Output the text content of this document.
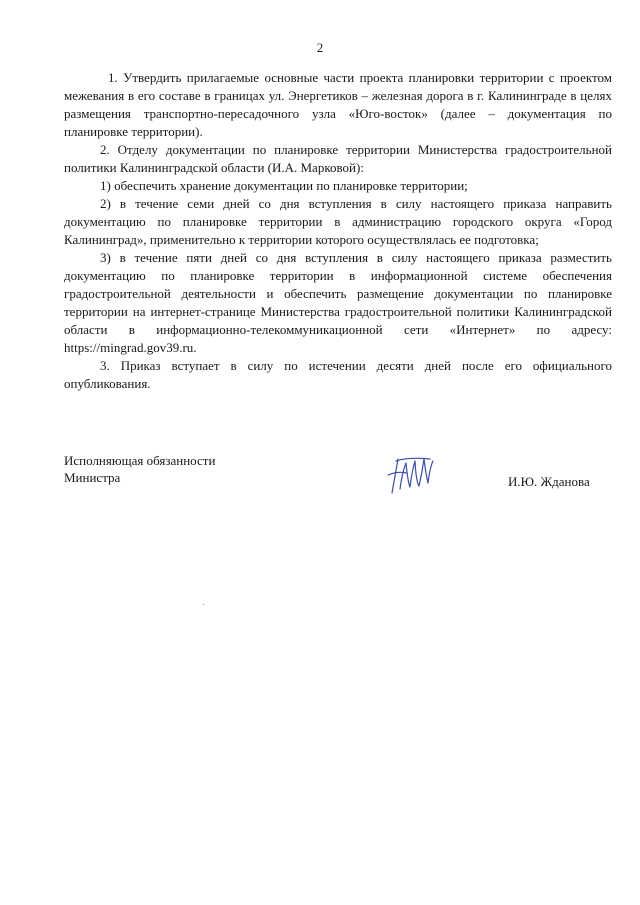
2

1. Утвердить прилагаемые основные части проекта планировки территории с проектом межевания в его составе в границах ул. Энергетиков – железная дорога в г. Калининграде в целях размещения транспортно-пересадочного узла «Юго-восток» (далее – документация по планировке территории).

2. Отделу документации по планировке территории Министерства градостроительной политики Калининградской области (И.А. Марковой):

1) обеспечить хранение документации по планировке территории;

2) в течение семи дней со дня вступления в силу настоящего приказа направить документацию по планировке территории в администрацию городского округа «Город Калининград», применительно к территории которого осуществлялась ее подготовка;

3) в течение пяти дней со дня вступления в силу настоящего приказа разместить документацию по планировке территории в информационной системе обеспечения градостроительной деятельности и обеспечить размещение документации по планировке территории на интернет-странице Министерства градостроительной политики Калининградской области в информационно-телекоммуникационной сети «Интернет» по адресу: https://mingrad.gov39.ru.

3. Приказ вступает в силу по истечении десяти дней после его официального опубликования.

Исполняющая обязанности
Министра	И.Ю. Жданова
